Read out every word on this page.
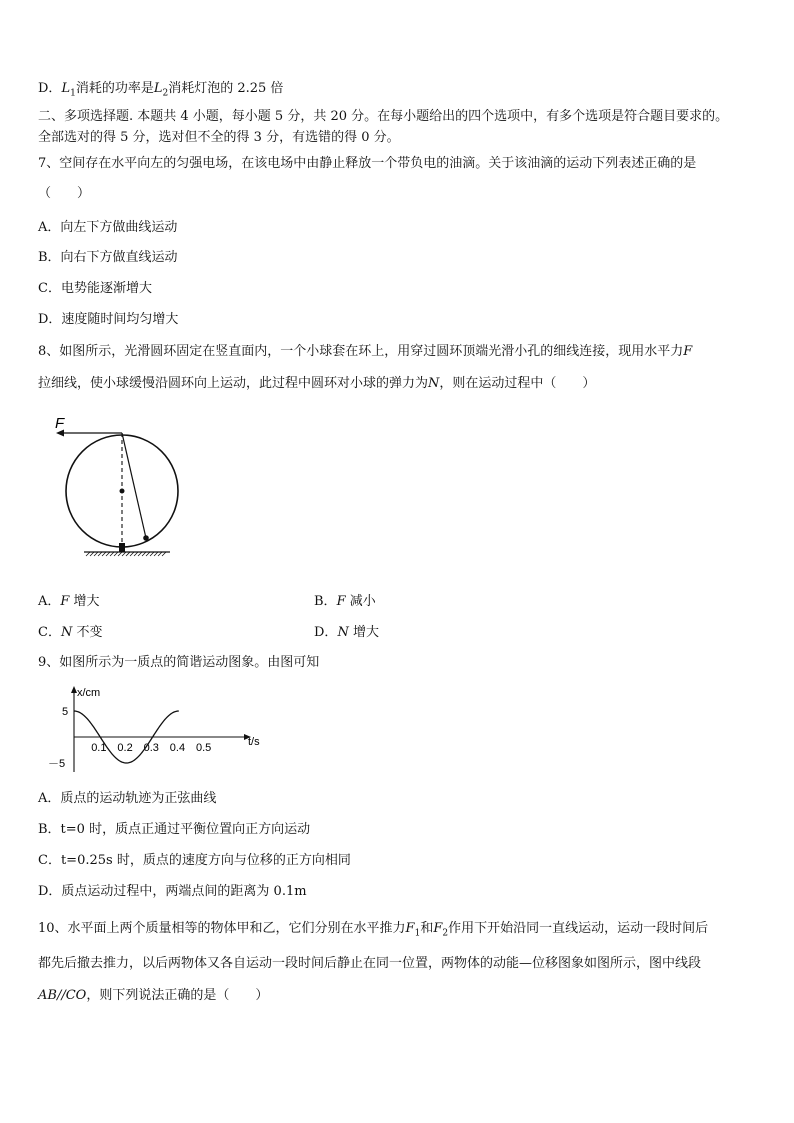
D．$L_1$消耗的功率是$L_2$消耗灯泡的 2.25 倍
二、多项选择题. 本题共 4 小题，每小题 5 分，共 20 分。在每小题给出的四个选项中，有多个选项是符合题目要求的。
全部选对的得 5 分，选对但不全的得 3 分，有选错的得 0 分。
7、空间存在水平向左的匀强电场，在该电场中由静止释放一个带负电的油滴。关于该油滴的运动下列表述正确的是
（　　）
A．向左下方做曲线运动
B．向右下方做直线运动
C．电势能逐渐增大
D．速度随时间均匀增大
8、如图所示，光滑圆环固定在竖直面内，一个小球套在环上，用穿过圆环顶端光滑小孔的细线连接，现用水平力F
拉细线，使小球缓慢沿圆环向上运动，此过程中圆环对小球的弹力为N，则在运动过程中（　　）
F
A．F 增大	B．F 减小
C．N 不变	D．N 增大
9、如图所示为一质点的简谐运动图象。由图可知
x/cm
t/s
0.1 0.2 0.3 0.4 0.5
5
－5
A．质点的运动轨迹为正弦曲线
B．t=0 时，质点正通过平衡位置向正方向运动
C．t=0.25s 时，质点的速度方向与位移的正方向相同
D．质点运动过程中，两端点间的距离为 0.1m
10、水平面上两个质量相等的物体甲和乙，它们分别在水平推力$F_1$和$F_2$作用下开始沿同一直线运动，运动一段时间后
都先后撤去推力，以后两物体又各自运动一段时间后静止在同一位置，两物体的动能—位移图象如图所示，图中线段
AB//CO，则下列说法正确的是（　　）
